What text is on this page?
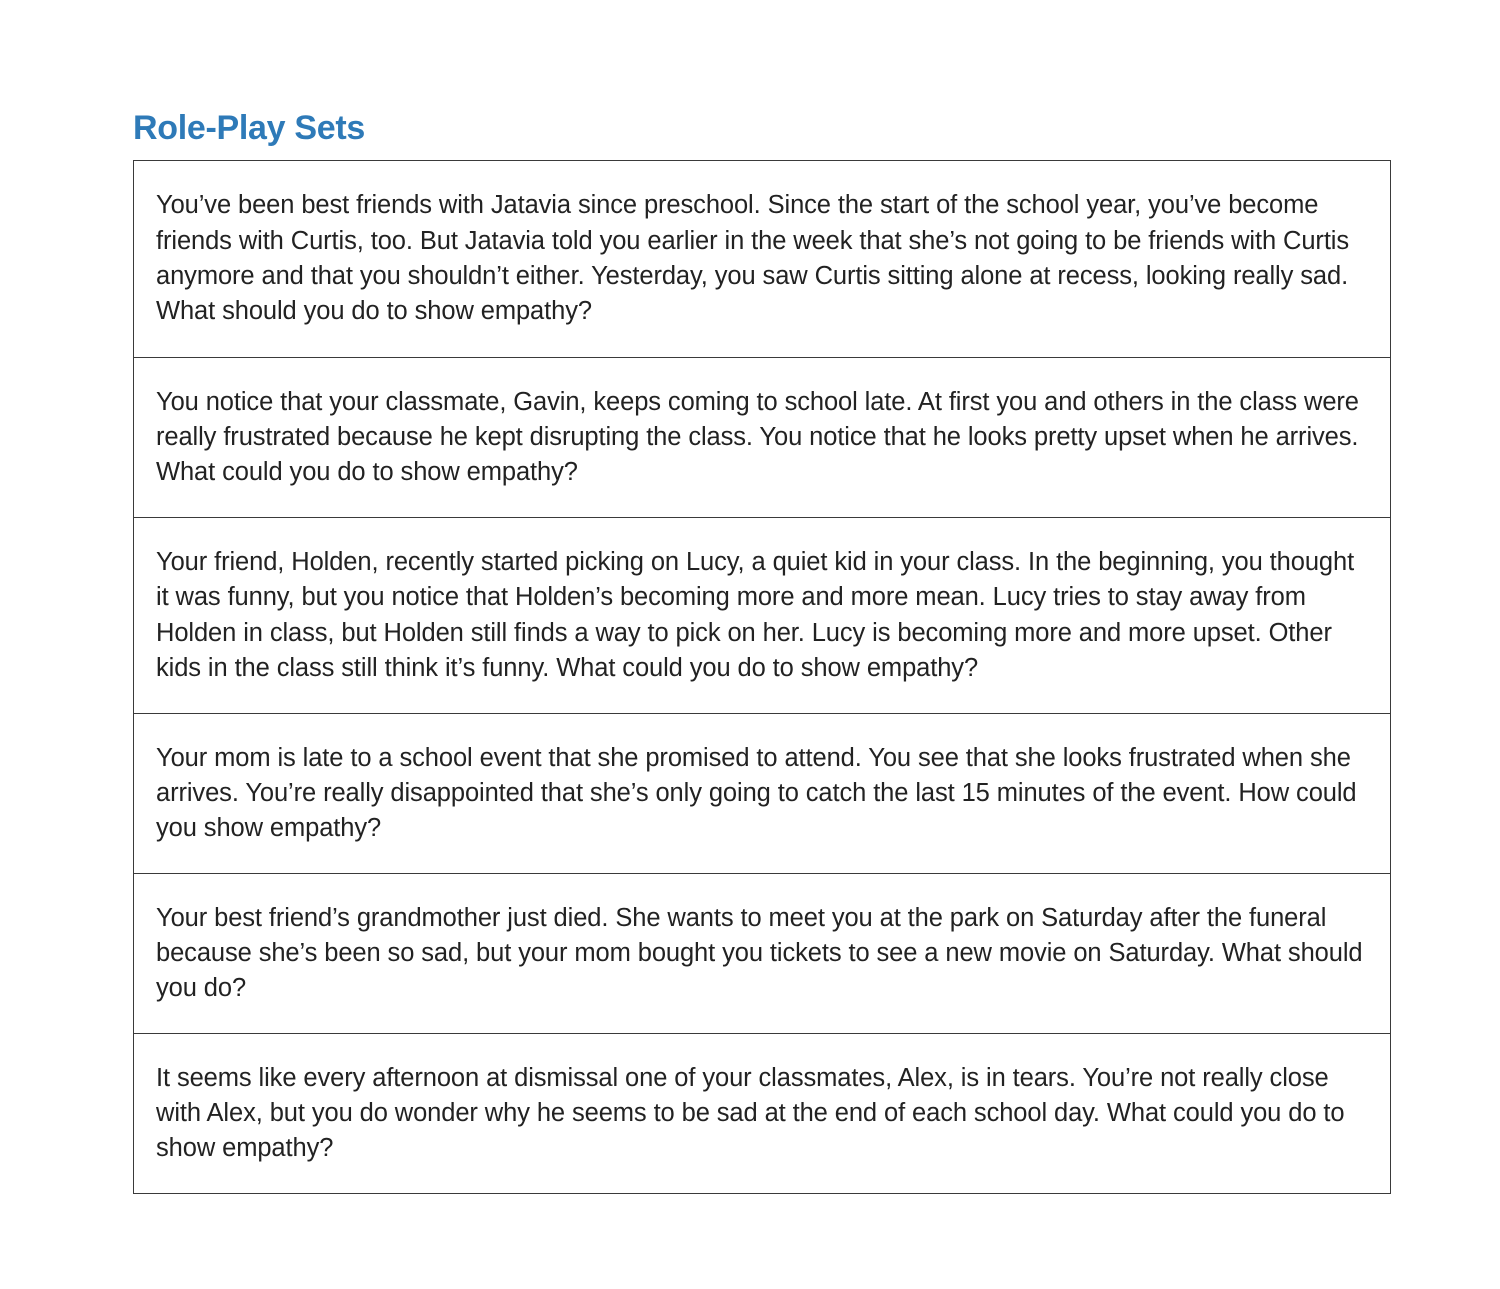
Role-Play Sets

You’ve been best friends with Jatavia since preschool. Since the start of the school year, you’ve become friends with Curtis, too. But Jatavia told you earlier in the week that she’s not going to be friends with Curtis anymore and that you shouldn’t either. Yesterday, you saw Curtis sitting alone at recess, looking really sad. What should you do to show empathy?

You notice that your classmate, Gavin, keeps coming to school late. At first you and others in the class were really frustrated because he kept disrupting the class. You notice that he looks pretty upset when he arrives. What could you do to show empathy?

Your friend, Holden, recently started picking on Lucy, a quiet kid in your class. In the beginning, you thought it was funny, but you notice that Holden’s becoming more and more mean. Lucy tries to stay away from Holden in class, but Holden still finds a way to pick on her. Lucy is becoming more and more upset. Other kids in the class still think it’s funny. What could you do to show empathy?

Your mom is late to a school event that she promised to attend. You see that she looks frustrated when she arrives. You’re really disappointed that she’s only going to catch the last 15 minutes of the event. How could you show empathy?

Your best friend’s grandmother just died. She wants to meet you at the park on Saturday after the funeral because she’s been so sad, but your mom bought you tickets to see a new movie on Saturday. What should you do?

It seems like every afternoon at dismissal one of your classmates, Alex, is in tears. You’re not really close with Alex, but you do wonder why he seems to be sad at the end of each school day. What could you do to show empathy?
